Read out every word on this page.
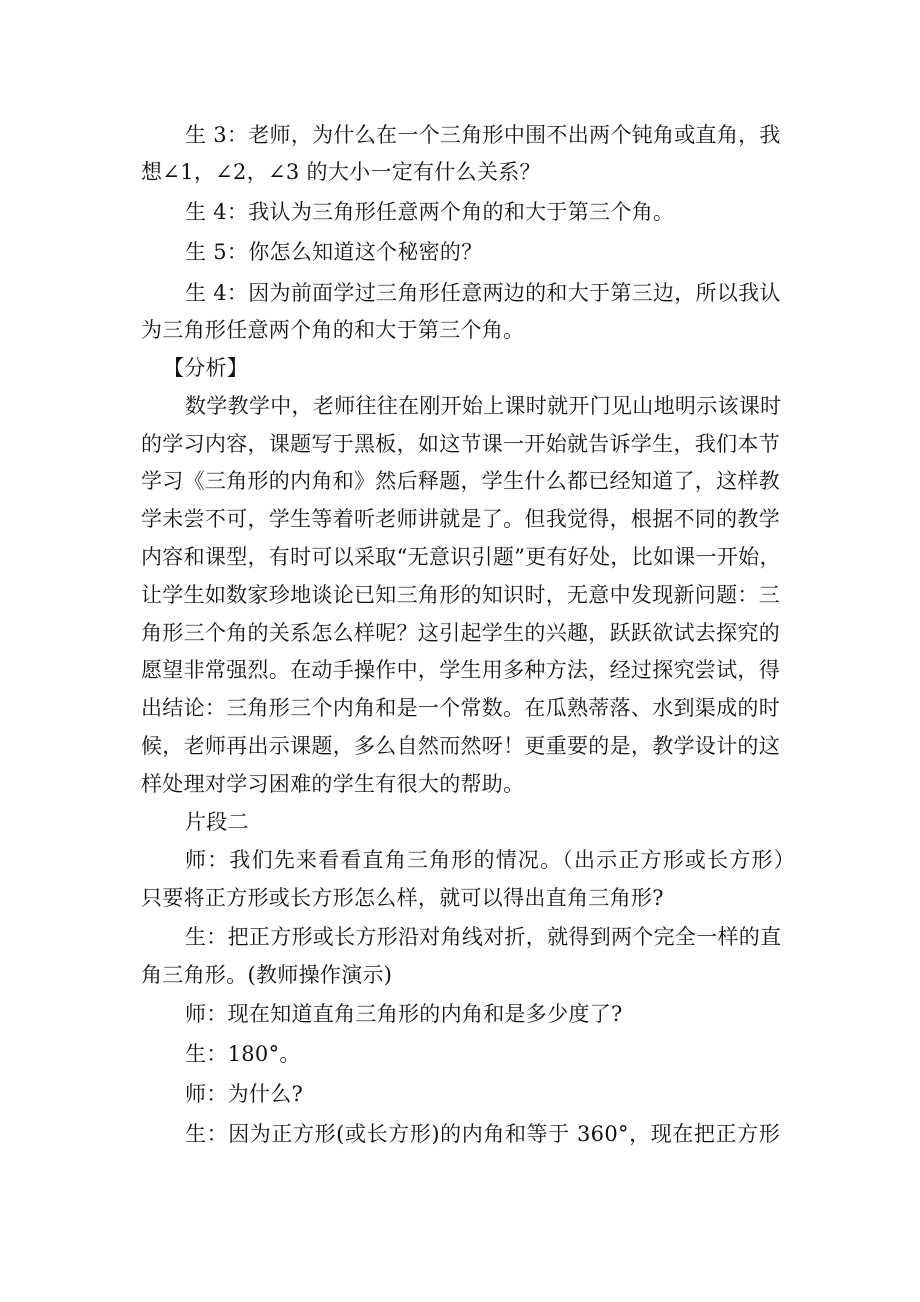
生 3：老师，为什么在一个三角形中围不出两个钝角或直角，我
想∠1，∠2，∠3 的大小一定有什么关系？
生 4：我认为三角形任意两个角的和大于第三个角。
生 5：你怎么知道这个秘密的？
生 4：因为前面学过三角形任意两边的和大于第三边，所以我认
为三角形任意两个角的和大于第三个角。
【分析】
数学教学中，老师往往在刚开始上课时就开门见山地明示该课时
的学习内容，课题写于黑板，如这节课一开始就告诉学生，我们本节
学习《三角形的内角和》然后释题，学生什么都已经知道了，这样教
学未尝不可，学生等着听老师讲就是了。但我觉得，根据不同的教学
内容和课型，有时可以采取“无意识引题”更有好处，比如课一开始，
让学生如数家珍地谈论已知三角形的知识时，无意中发现新问题：三
角形三个角的关系怎么样呢？这引起学生的兴趣，跃跃欲试去探究的
愿望非常强烈。在动手操作中，学生用多种方法，经过探究尝试，得
出结论：三角形三个内角和是一个常数。在瓜熟蒂落、水到渠成的时
候，老师再出示课题，多么自然而然呀！更重要的是，教学设计的这
样处理对学习困难的学生有很大的帮助。
片段二
师：我们先来看看直角三角形的情况。（出示正方形或长方形）
只要将正方形或长方形怎么样，就可以得出直角三角形?
生：把正方形或长方形沿对角线对折，就得到两个完全一样的直
角三角形。(教师操作演示)
师：现在知道直角三角形的内角和是多少度了?
生：180°。
师：为什么?
生：因为正方形(或长方形)的内角和等于 360°，现在把正方形
